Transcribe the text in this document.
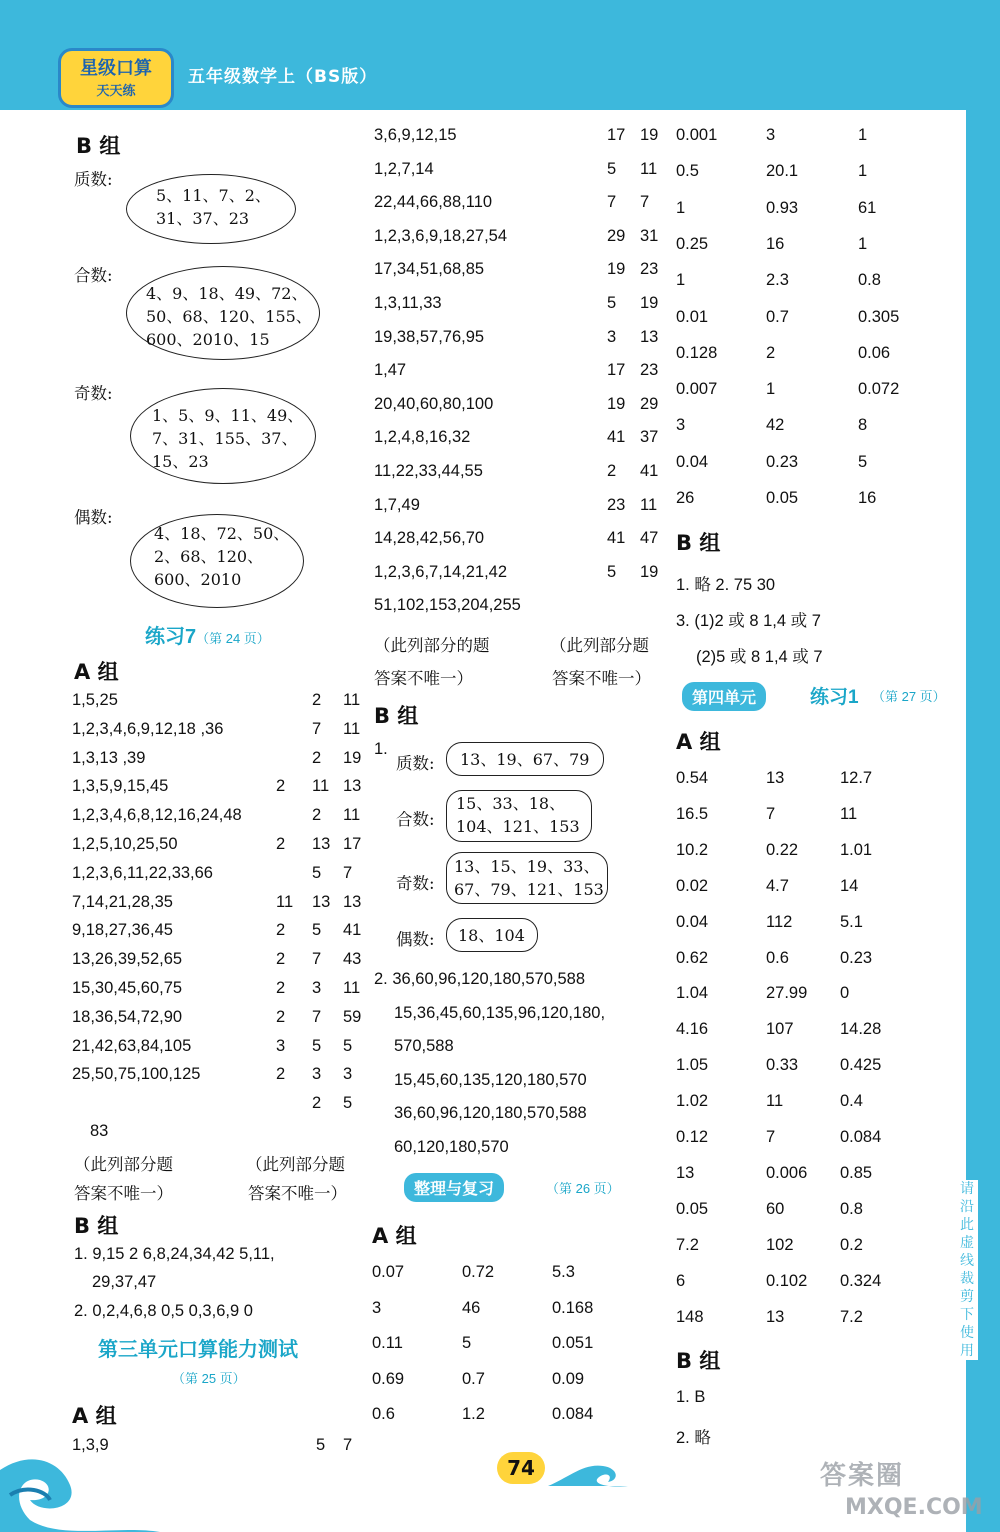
请沿此虚线裁剪下使用
星级口算
天天练
五年级数学上（BS版）
B 组
质数:
5、11、7、2、
31、37、23
合数:
4、9、18、49、72、
50、68、120、155、
600、2010、15
奇数:
1、5、9、11、49、
7、31、155、37、
15、23
偶数:
4、18、72、50、
2、68、120、
600、2010
练习7（第 24 页）
A 组
1,5,25	2 11
1,2,3,4,6,9,12,18 ,36	7 11
1,3,13 ,39	2 19
1,3,5,9,15,45	2 11 13
1,2,3,4,6,8,12,16,24,48	2 11
1,2,5,10,25,50	2 13 17
1,2,3,6,11,22,33,66	5 7
7,14,21,28,35	11 13 13
9,18,27,36,45	2 5 41
13,26,39,52,65	2 7 43
15,30,45,60,75	2 3 11
18,36,54,72,90	2 7 59
21,42,63,84,105	3 5 5
25,50,75,100,125	2 3 3
2 5
83
（此列部分题	（此列部分题
答案不唯一）	答案不唯一）
B 组
1. 9,15 2 6,8,24,34,42 5,11,
29,37,47
2. 0,2,4,6,8 0,5 0,3,6,9 0
第三单元口算能力测试
（第 25 页）
A 组
1,3,9	5 7
3,6,9,12,15	17 19
1,2,7,14	5 11
22,44,66,88,110	7 7
1,2,3,6,9,18,27,54	29 31
17,34,51,68,85	19 23
1,3,11,33	5 19
19,38,57,76,95	3 13
1,47	17 23
20,40,60,80,100	19 29
1,2,4,8,16,32	41 37
11,22,33,44,55	2 41
1,7,49	23 11
14,28,42,56,70	41 47
1,2,3,6,7,14,21,42	5 19
51,102,153,204,255
（此列部分的题	（此列部分题
答案不唯一）	答案不唯一）
B 组
1.
质数: 13、19、67、79
合数:
15、33、18、
104、121、153
奇数:
13、15、19、33、
67、79、121、153
偶数: 18、104
2. 36,60,96,120,180,570,588
15,36,45,60,135,96,120,180,
570,588
15,45,60,135,120,180,570
36,60,96,120,180,570,588
60,120,180,570
整理与复习	（第 26 页）
A 组
0.07	0.72	5.3
3	46	0.168
0.11	5	0.051
0.69	0.7	0.09
0.6	1.2	0.084
0.001	3	1
0.5	20.1	1
1	0.93	61
0.25	16	1
1	2.3	0.8
0.01	0.7	0.305
0.128	2	0.06
0.007	1	0.072
3	42	8
0.04	0.23	5
26	0.05	16
B 组
1. 略 2. 75 30
3. (1)2 或 8 1,4 或 7
(2)5 或 8 1,4 或 7
第四单元	练习1 （第 27 页）
A 组
0.54	13	12.7
16.5	7	11
10.2	0.22	1.01
0.02	4.7	14
0.04	112	5.1
0.62	0.6	0.23
1.04	27.99 0
4.16	107	14.28
1.05	0.33	0.425
1.02	11	0.4
0.12	7	0.084
13	0.006 0.85
0.05	60	0.8
7.2	102	0.2
6	0.102 0.324
148	13	7.2
B 组
1. B
2. 略
74	答案圈
MXQE.COM
